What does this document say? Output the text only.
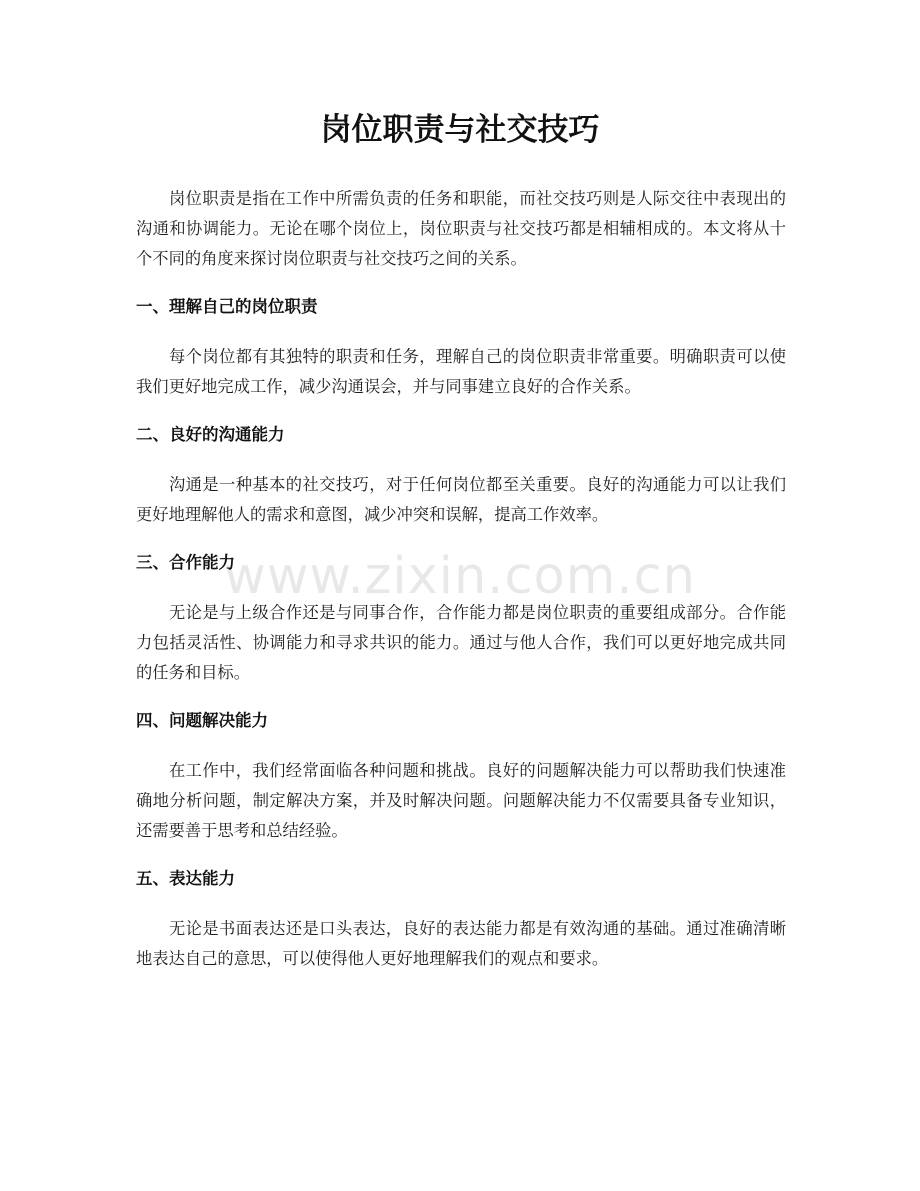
岗位职责与社交技巧

岗位职责是指在工作中所需负责的任务和职能，而社交技巧则是人际交往中表现出的沟通和协调能力。无论在哪个岗位上，岗位职责与社交技巧都是相辅相成的。本文将从十个不同的角度来探讨岗位职责与社交技巧之间的关系。

一、理解自己的岗位职责

每个岗位都有其独特的职责和任务，理解自己的岗位职责非常重要。明确职责可以使我们更好地完成工作，减少沟通误会，并与同事建立良好的合作关系。

二、良好的沟通能力

沟通是一种基本的社交技巧，对于任何岗位都至关重要。良好的沟通能力可以让我们更好地理解他人的需求和意图，减少冲突和误解，提高工作效率。

三、合作能力

无论是与上级合作还是与同事合作，合作能力都是岗位职责的重要组成部分。合作能力包括灵活性、协调能力和寻求共识的能力。通过与他人合作，我们可以更好地完成共同的任务和目标。

四、问题解决能力

在工作中，我们经常面临各种问题和挑战。良好的问题解决能力可以帮助我们快速准确地分析问题，制定解决方案，并及时解决问题。问题解决能力不仅需要具备专业知识，还需要善于思考和总结经验。

五、表达能力

无论是书面表达还是口头表达，良好的表达能力都是有效沟通的基础。通过准确清晰地表达自己的意思，可以使得他人更好地理解我们的观点和要求。

www.zixin.com.cn
